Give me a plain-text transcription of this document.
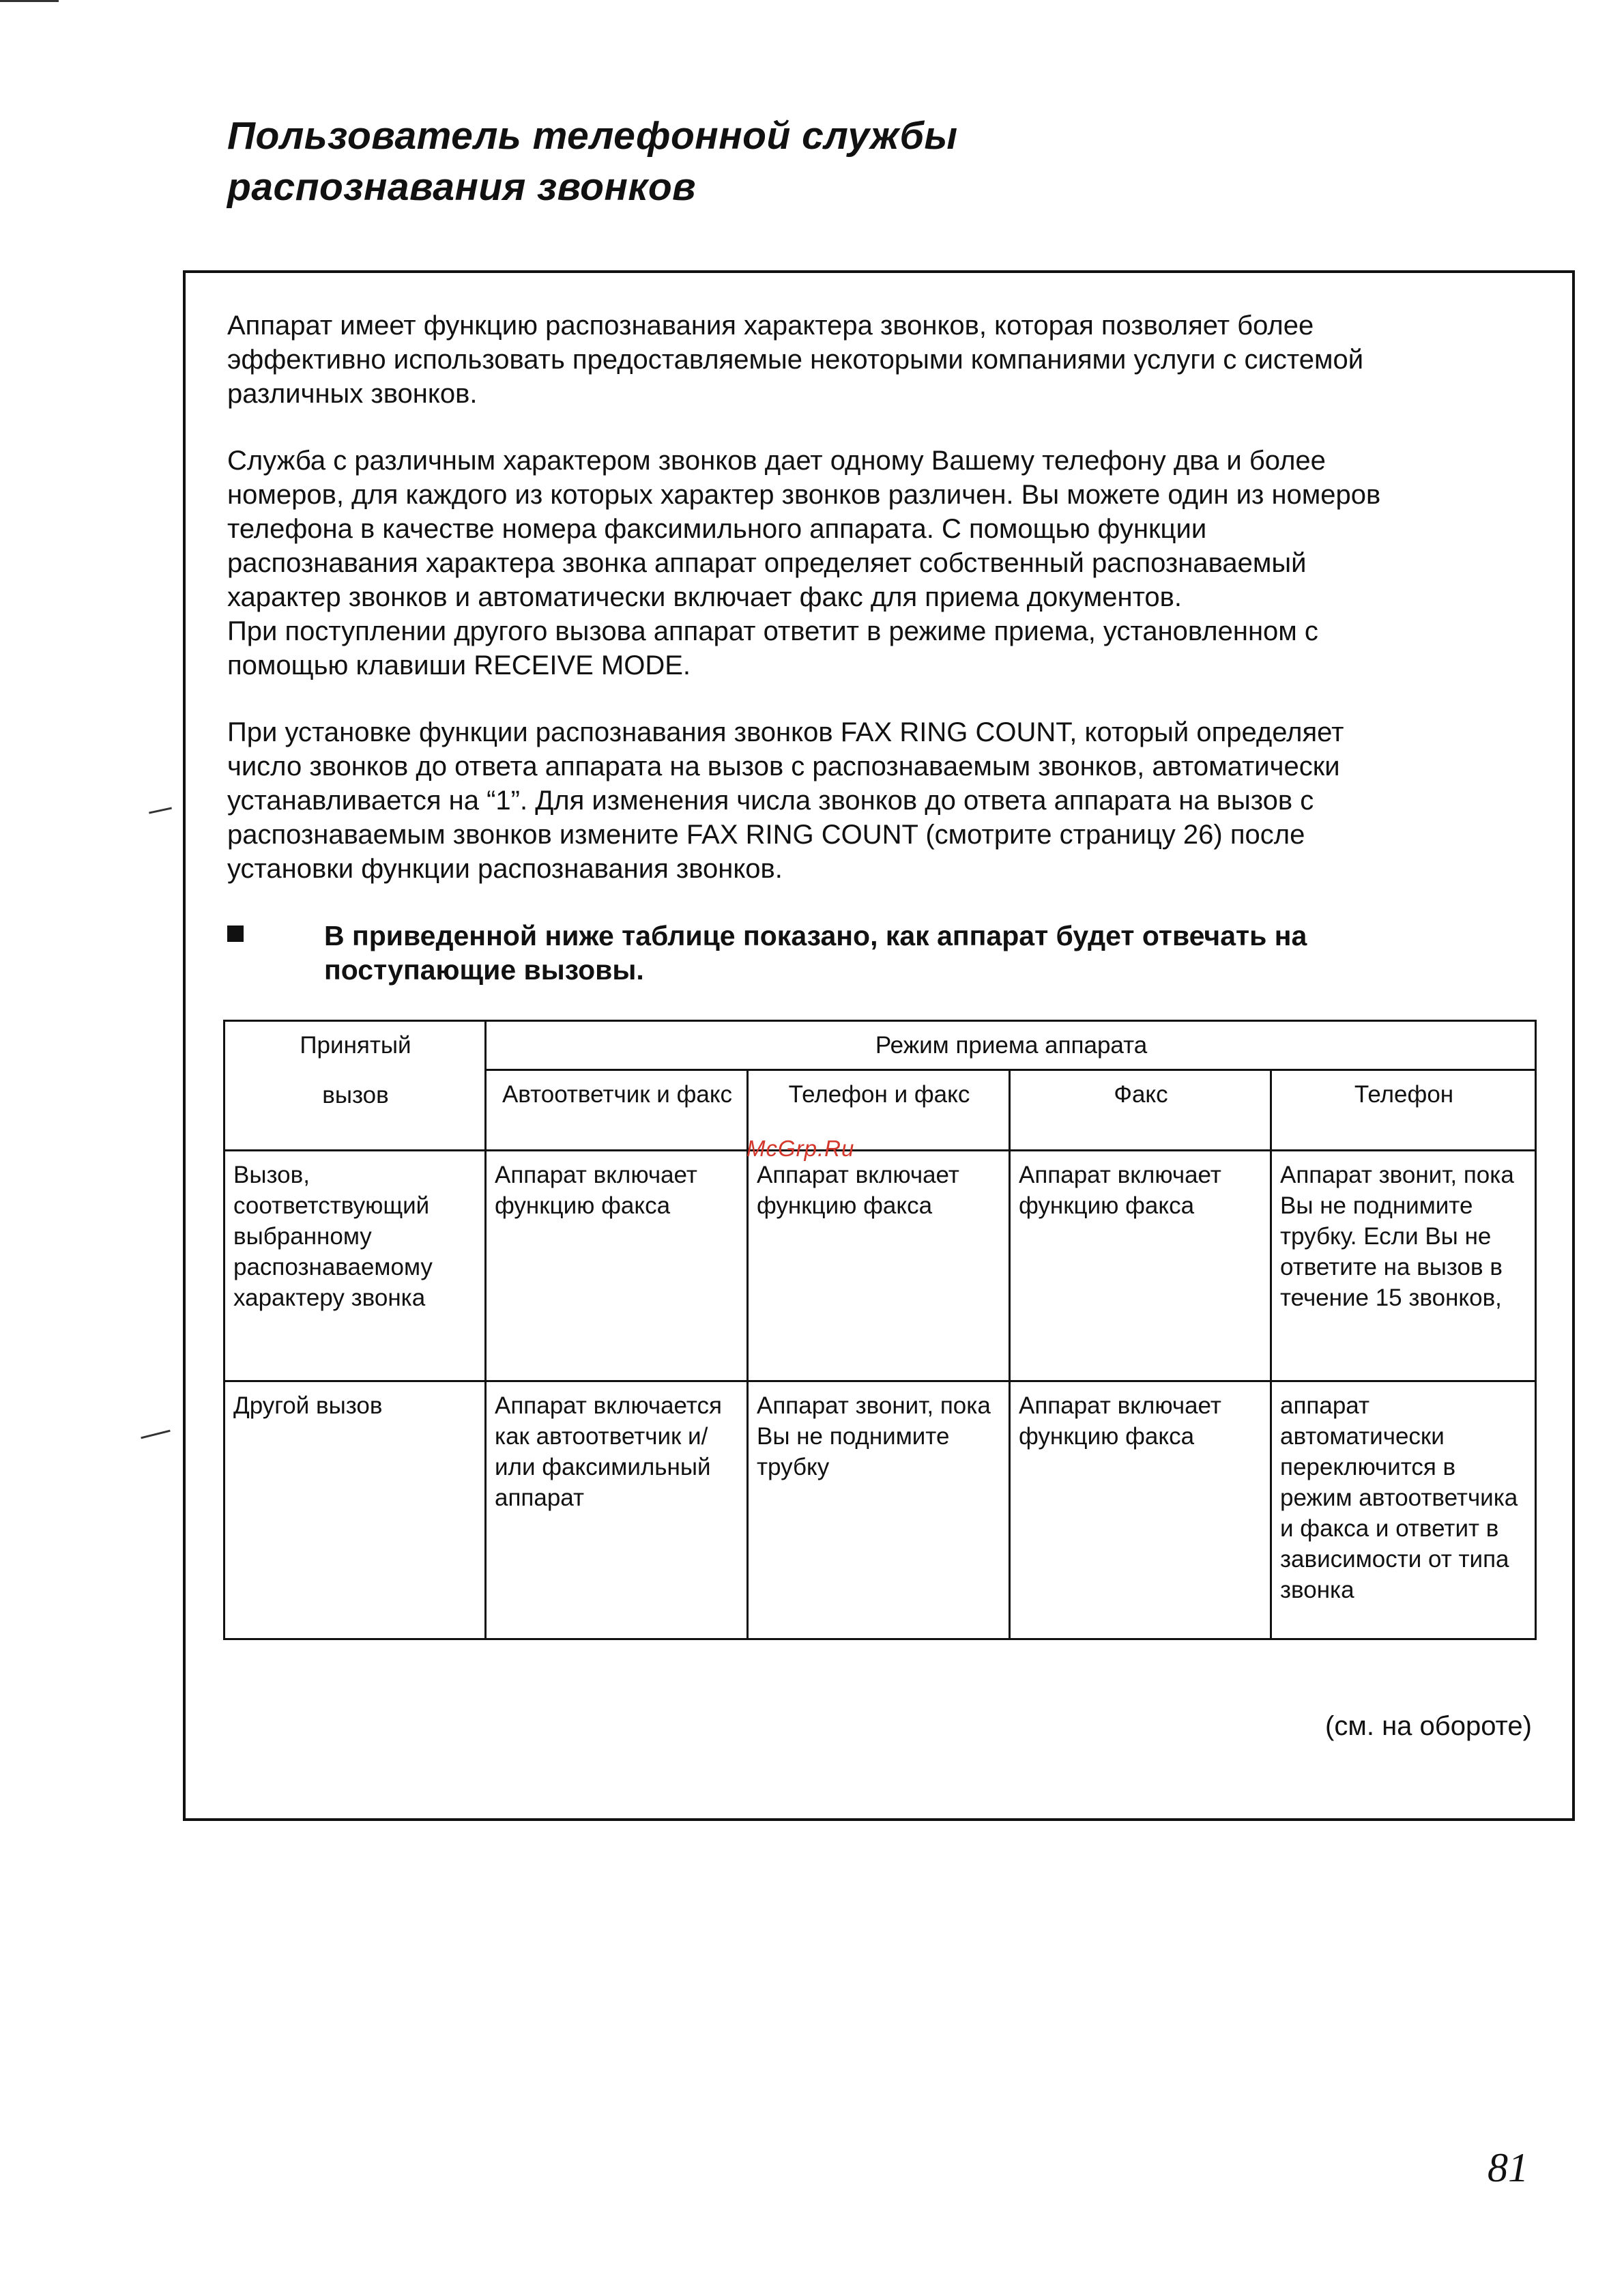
Пользователь телефонной службы
распознавания звонков

Аппарат имеет функцию распознавания характера звонков, которая позволяет более
эффективно использовать предоставляемые некоторыми компаниями услуги с системой
различных звонков.

Служба с различным характером звонков дает одному Вашему телефону два и более
номеров, для каждого из которых характер звонков различен. Вы можете один из номеров
телефона в качестве номера факсимильного аппарата. С помощью функции
распознавания характера звонка аппарат определяет собственный распознаваемый
характер звонков и автоматически включает факс для приема документов.
При поступлении другого вызова аппарат ответит в режиме приема, установленном с
помощью клавиши RECEIVE MODE.

При установке функции распознавания звонков FAX RING COUNT, который определяет
число звонков до ответа аппарата на вызов с распознаваемым звонков, автоматически
устанавливается на “1”. Для изменения числа звонков до ответа аппарата на вызов с
распознаваемым звонков измените FAX RING COUNT (смотрите страницу 26) после
установки функции распознавания звонков.

В приведенной ниже таблице показано, как аппарат будет отвечать на
поступающие вызовы.
Принятый
вызов	Режим приема аппарата			
	Автоответчик и факс	Телефон и факс	Факс	Телефон
Вызов, соответствующий выбранному распознаваемому характеру звонка	Аппарат включает функцию факса	Аппарат включает функцию факса	Аппарат включает функцию факса	Аппарат звонит, пока Вы не поднимите трубку. Если Вы не ответите на вызов в течение 15 звонков,
Другой вызов	Аппарат включается как автоответчик и/или факсимильный аппарат	Аппарат звонит, пока Вы не поднимите трубку	Аппарат включает функцию факса	аппарат автоматически переключится в режим автоответчика и факса и ответит в зависимости от типа звонка
McGrp.Ru
(см. на обороте)
81
